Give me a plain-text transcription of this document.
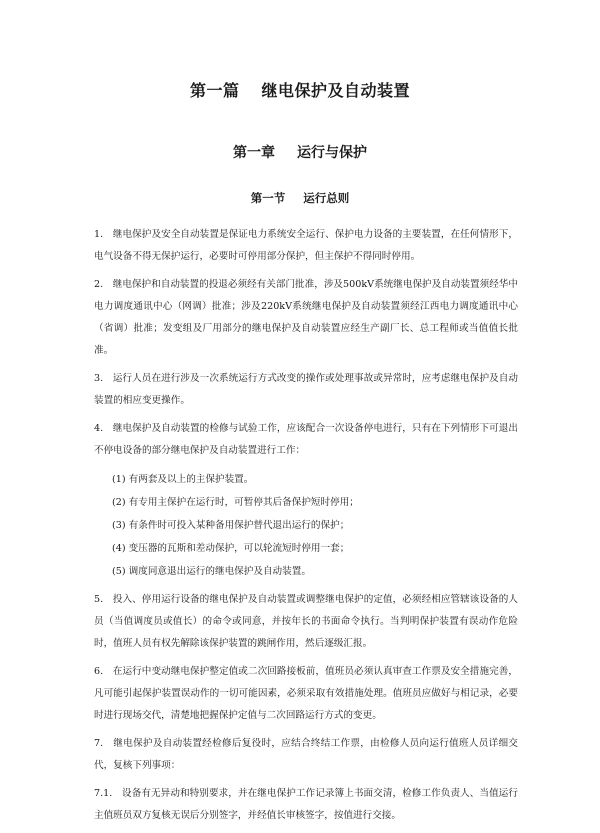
第一篇 继电保护及自动装置
第一章 运行与保护
第一节 运行总则

1.　继电保护及安全自动装置是保证电力系统安全运行、保护电力设备的主要装置，在任何情形下，电气设备不得无保护运行，必要时可停用部分保护，但主保护不得同时停用。

2.　继电保护和自动装置的投退必须经有关部门批准，涉及500kV系统继电保护及自动装置须经华中电力调度通讯中心（网调）批准；涉及220kV系统继电保护及自动装置须经江西电力调度通讯中心（省调）批准；发变组及厂用部分的继电保护及自动装置应经生产副厂长、总工程师或当值值长批准。

3.　运行人员在进行涉及一次系统运行方式改变的操作或处理事故或异常时，应考虑继电保护及自动装置的相应变更操作。

4.　继电保护及自动装置的检修与试验工作，应该配合一次设备停电进行，只有在下列情形下可退出不停电设备的部分继电保护及自动装置进行工作：

(1) 有两套及以上的主保护装置。

(2) 有专用主保护在运行时，可暂停其后备保护短时停用；

(3) 有条件时可投入某种备用保护替代退出运行的保护；

(4) 变压器的瓦斯和差动保护，可以轮流短时停用一套；

(5) 调度同意退出运行的继电保护及自动装置。

5.　投入、停用运行设备的继电保护及自动装置或调整继电保护的定值，必须经相应管辖该设备的人员（当值调度员或值长）的命令或同意，并按年长的书面命令执行。当判明保护装置有误动作危险时，值班人员有权先解除该保护装置的跳闸作用，然后逐级汇报。

6.　在运行中变动继电保护整定值或二次回路接板前，值班员必须认真审查工作票及安全措施完善，凡可能引起保护装置误动作的一切可能因素，必须采取有效措施处理。值班员应做好与相记录，必要时进行现场交代，清楚地把握保护定值与二次回路运行方式的变更。

7.　继电保护及自动装置经检修后复役时，应结合终结工作票，由检修人员向运行值班人员详细交代，复核下列事项：

7.1.　设备有无异动和特别要求，并在继电保护工作记录簿上书面交清，检修工作负责人、当值运行主值班员双方复核无误后分别签字，并经值长审核签字，按值进行交接。
